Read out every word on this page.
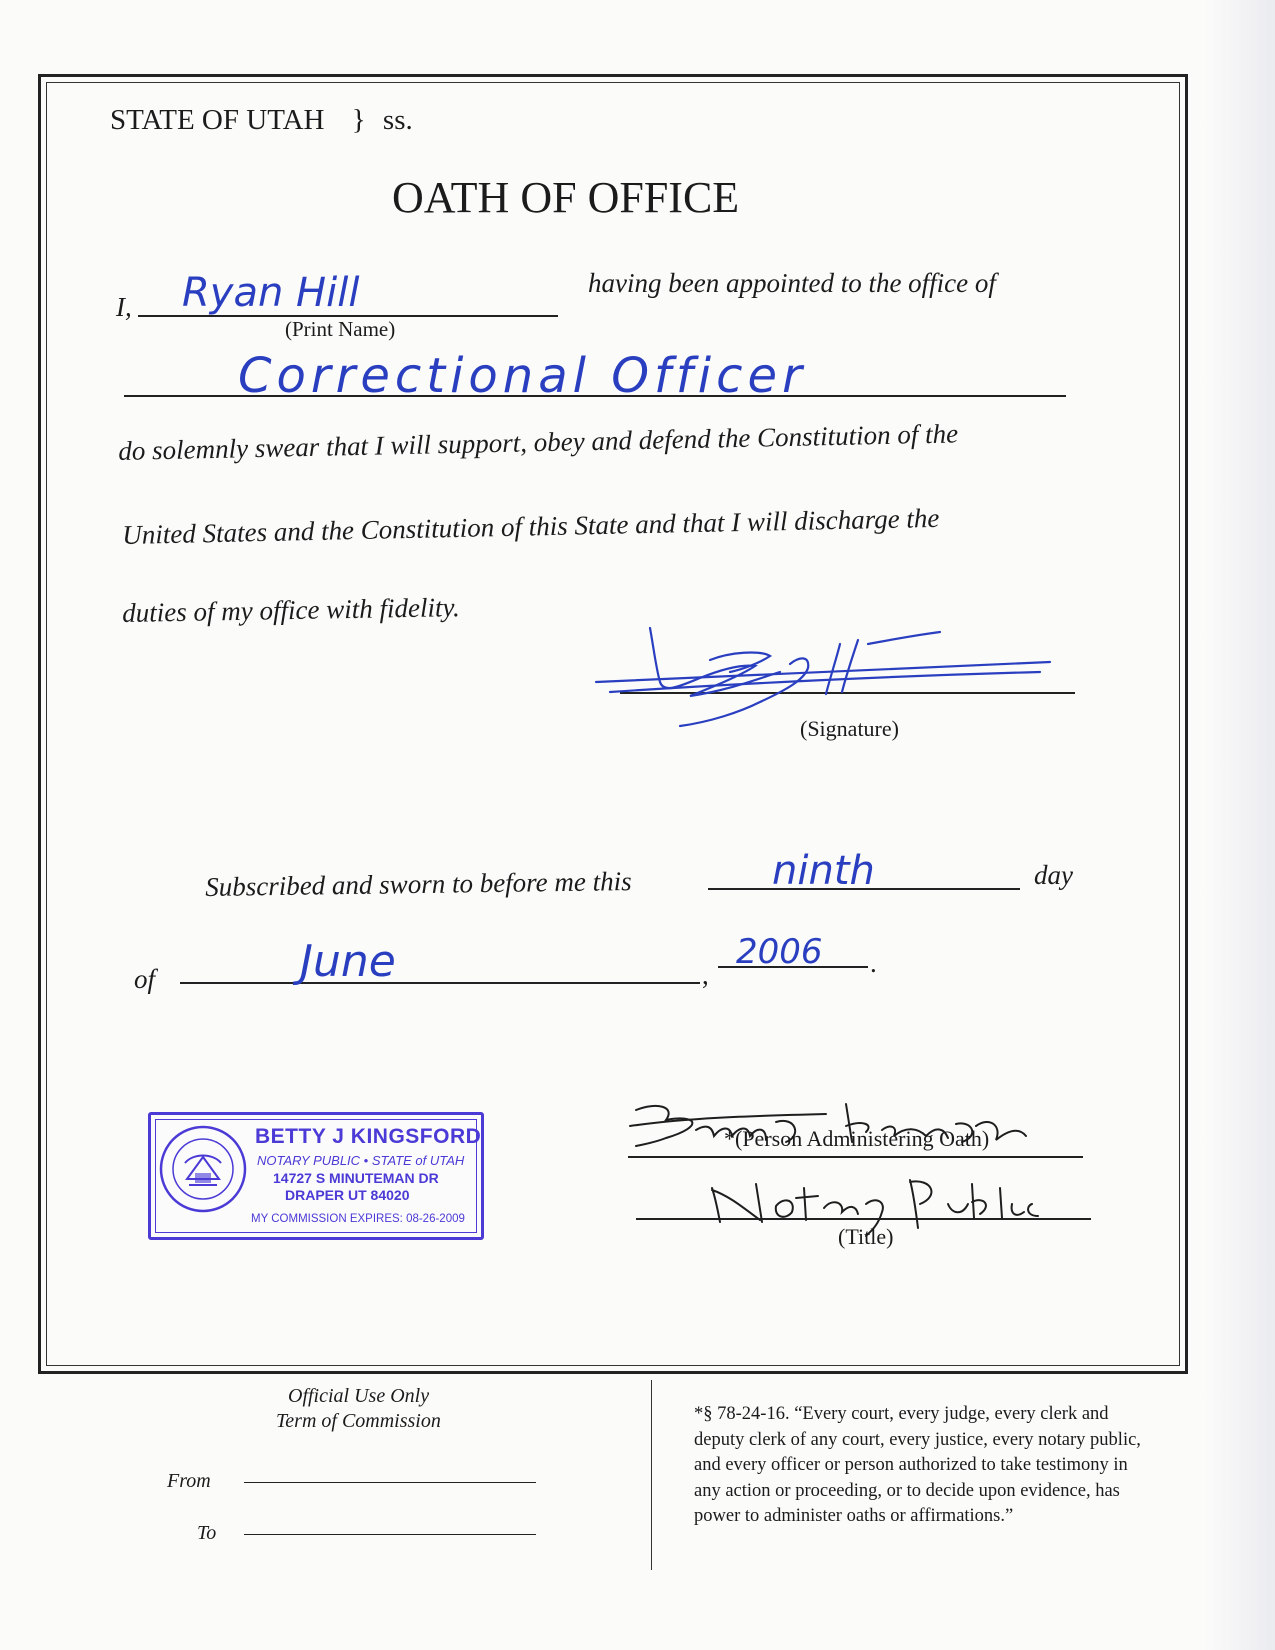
STATE OF UTAH } ss.
OATH OF OFFICE
I, Ryan Hill
(Print Name)
having been appointed to the office of
Correctional Officer
do solemnly swear that I will support, obey and defend the Constitution of the
United States and the Constitution of this State and that I will discharge the
duties of my office with fidelity.
(Signature)
Subscribed and sworn to before me this	ninth	day
of	June	,
2006 .
BETTY J KINGSFORD
NOTARY PUBLIC • STATE of UTAH
14727 S MINUTEMAN DR
DRAPER UT 84020
MY COMMISSION EXPIRES: 08-26-2009
*(Person Administering Oath)
(Title)
Official Use Only
Term of Commission
From
To
*§ 78-24-16. “Every court, every judge, every clerk and
deputy clerk of any court, every justice, every notary public,
and every officer or person authorized to take testimony in
any action or proceeding, or to decide upon evidence, has
power to administer oaths or affirmations.”
